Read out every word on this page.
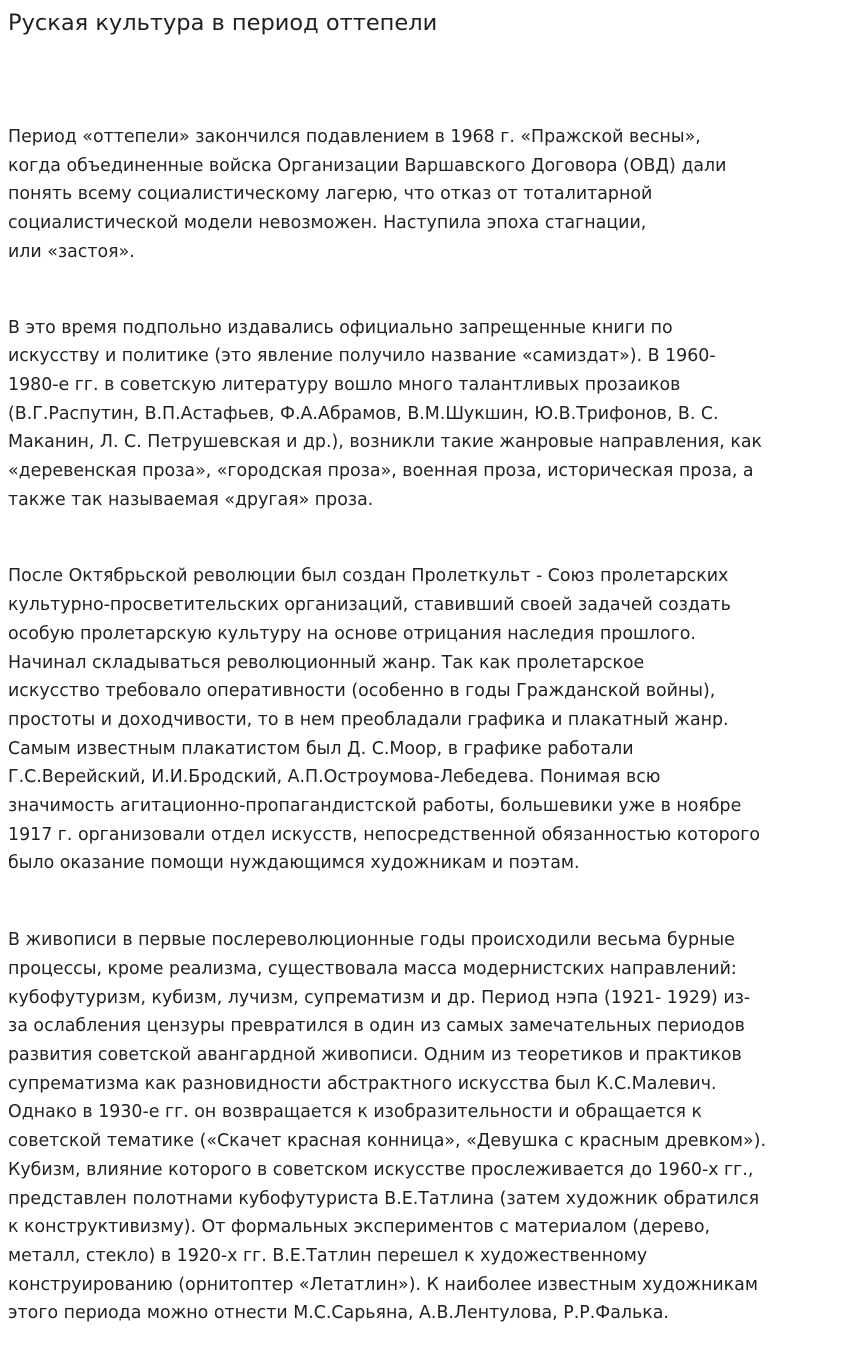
Руская культура в период оттепели

Период «оттепели» закончился подавлением в 1968 г. «Пражской весны»,
когда объединенные войска Организации Варшавского Договора (ОВД) дали
понять всему социалистическому лагерю, что отказ от тоталитарной
социалистической модели невозможен. Наступила эпоха стагнации,
или «застоя».

В это время подпольно издавались официально запрещенные книги по
искусству и политике (это явление получило название «самиздат»). В 1960-
1980-е гг. в советскую литературу вошло много талантливых прозаиков
(В.Г.Распутин, В.П.Астафьев, Ф.А.Абрамов, В.М.Шукшин, Ю.В.Трифонов, В. С.
Маканин, Л. С. Петрушевская и др.), возникли такие жанровые направления, как
«деревенская проза», «городская проза», военная проза, историческая проза, а
также так называемая «другая» проза.

После Октябрьской революции был создан Пролеткульт - Союз пролетарских
культурно-просветительских организаций, ставивший своей задачей создать
особую пролетарскую культуру на основе отрицания наследия прошлого.
Начинал складываться революционный жанр. Так как пролетарское
искусство требовало оперативности (особенно в годы Гражданской войны),
простоты и доходчивости, то в нем преобладали графика и плакатный жанр.
Самым известным плакатистом был Д. С.Моор, в графике работали
Г.С.Верейский, И.И.Бродский, А.П.Остроумова-Лебедева. Понимая всю
значимость агитационно-пропагандистской работы, большевики уже в ноябре
1917 г. организовали отдел искусств, непосредственной обязанностью которого
было оказание помощи нуждающимся художникам и поэтам.

В живописи в первые послереволюционные годы происходили весьма бурные
процессы, кроме реализма, существовала масса модернистских направлений:
кубофутуризм, кубизм, лучизм, супрематизм и др. Период нэпа (1921- 1929) из-
за ослабления цензуры превратился в один из самых замечательных периодов
развития советской авангардной живописи. Одним из теоретиков и практиков
супрематизма как разновидности абстрактного искусства был К.С.Малевич.
Однако в 1930-е гг. он возвращается к изобразительности и обращается к
советской тематике («Скачет красная конница», «Девушка с красным древком»).
Кубизм, влияние которого в советском искусстве прослеживается до 1960-х гг.,
представлен полотнами кубофутуриста В.Е.Татлина (затем художник обратился
к конструктивизму). От формальных экспериментов с материалом (дерево,
металл, стекло) в 1920-х гг. В.Е.Татлин перешел к художественному
конструированию (орнитоптер «Летатлин»). К наиболее известным художникам
этого периода можно отнести М.С.Сарьяна, А.В.Лентулова, Р.Р.Фалька.
